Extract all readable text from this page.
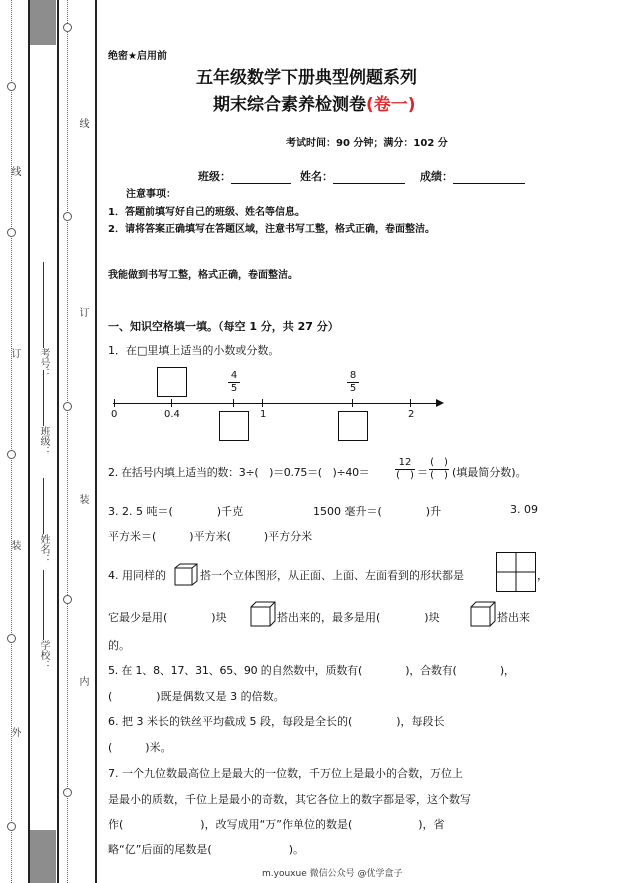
线
订
装
外
线
订
装
内
考号：
班级：
姓名：
学校：
绝密★启用前
五年级数学下册典型例题系列
期末综合素养检测卷(卷一)
考试时间：90 分钟；满分：102 分
班级：	姓名：	成绩：
注意事项：
1．答题前填写好自己的班级、姓名等信息。
2．请将答案正确填写在答题区域，注意书写工整，格式正确，卷面整洁。
我能做到书写工整，格式正确，卷面整洁。
一、知识空格填一填。（每空 1 分，共 27 分）
1．在□里填上适当的小数或分数。
0	0.4	1	2
$\frac{4}{5}$	$\frac{8}{5}$
2. 在括号内填上适当的数：3÷(　)＝0.75＝(　)÷40＝
12
(　) ＝
(　)
(　) (填最简分数)。
3. 2. 5 吨＝(　　　　)千克	1500 毫升＝(　　　　)升	3. 09
平方米＝(　　　)平方米(　　　)平方分米
4. 用同样的	搭一个立体图形，从正面、上面、左面看到的形状都是	，
它最少是用(　　　　)块	搭出来的，最多是用(　　　　)块	搭出来
的。
5. 在 1、8、17、31、65、90 的自然数中，质数有(　　　　)，合数有(　　　　)，
(　　　　)既是偶数又是 3 的倍数。
6. 把 3 米长的铁丝平均截成 5 段，每段是全长的(　　　　)，每段长
(　　　)米。
7. 一个九位数最高位上是最大的一位数，千万位上是最小的合数，万位上
是最小的质数，千位上是最小的奇数，其它各位上的数字都是零，这个数写
作(　　　　　　　)，改写成用“万”作单位的数是(　　　　　　)，省
略“亿”后面的尾数是(　　　　　　　)。
m.youxue 微信公众号 @优学盒子
